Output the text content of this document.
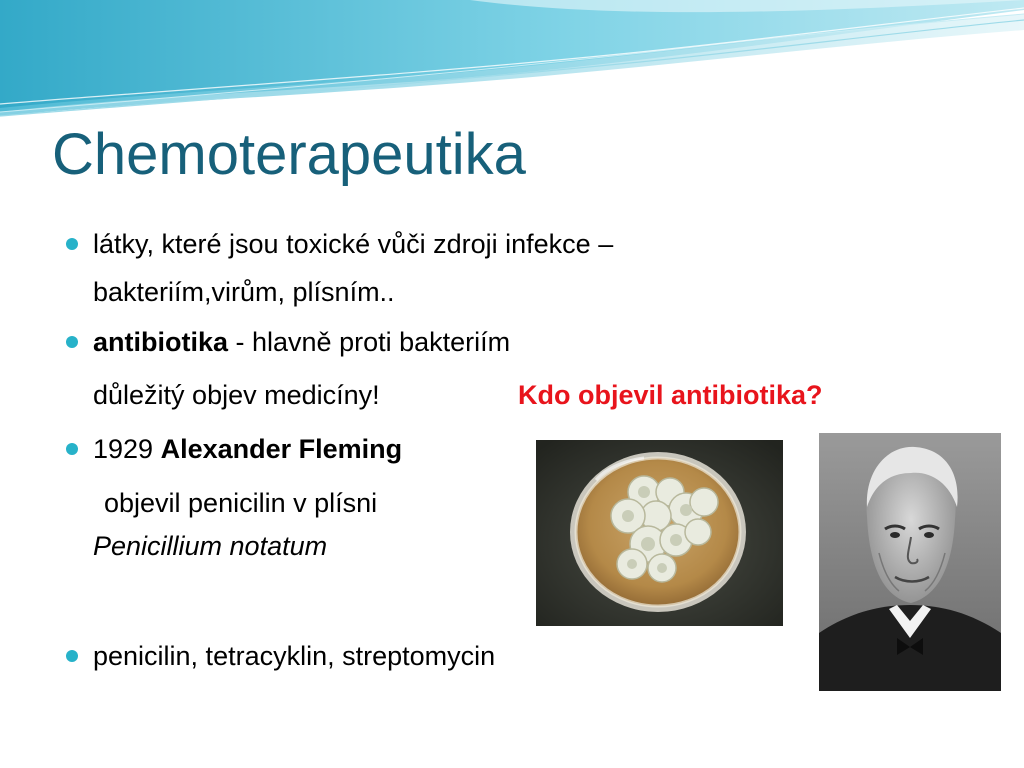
Chemoterapeutika
látky, které jsou toxické vůči zdroji infekce –
bakteriím,virům, plísním..
antibiotika - hlavně proti bakteriím
důležitý objev medicíny!	Kdo objevil antibiotika?
1929 Alexander Fleming
objevil penicilin v plísni
Penicillium notatum
penicilin, tetracyklin, streptomycin
